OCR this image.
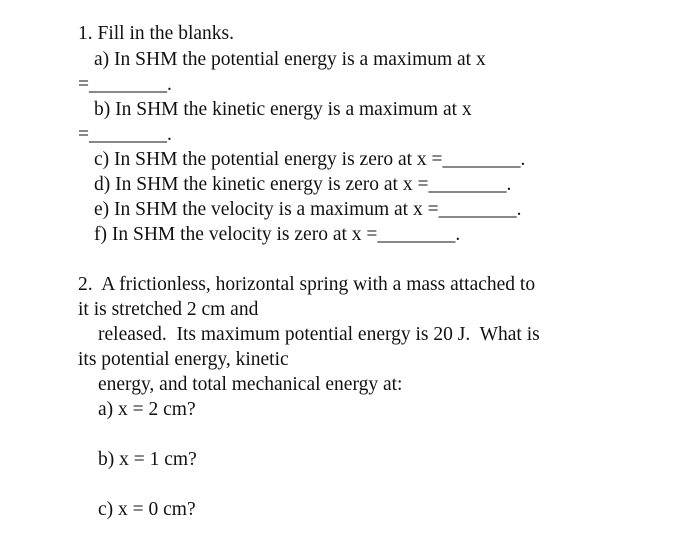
1. Fill in the blanks.
a) In SHM the potential energy is a maximum at x
=________.
b) In SHM the kinetic energy is a maximum at x
=________.
c) In SHM the potential energy is zero at x =________.
d) In SHM the kinetic energy is zero at x =________.
e) In SHM the velocity is a maximum at x =________.
f) In SHM the velocity is zero at x =________.
2.  A frictionless, horizontal spring with a mass attached to
it is stretched 2 cm and
released.  Its maximum potential energy is 20 J.  What is
its potential energy, kinetic
energy, and total mechanical energy at:
a) x = 2 cm?
b) x = 1 cm?
c) x = 0 cm?
